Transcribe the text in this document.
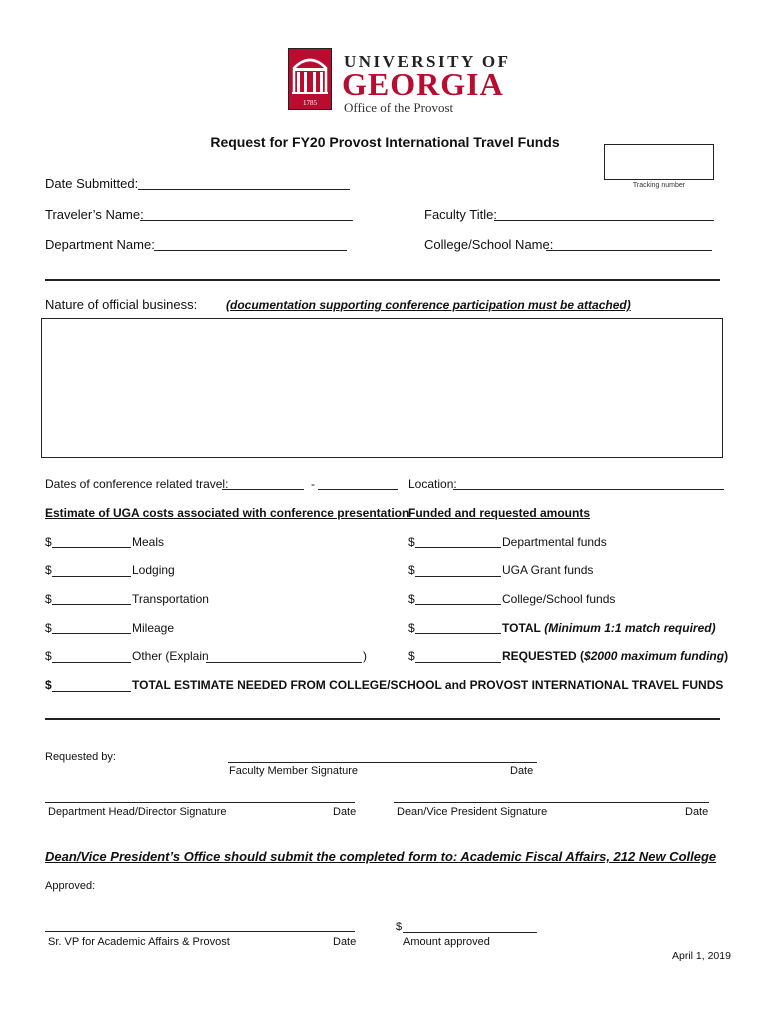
1785
UNIVERSITY OF
GEORGIA
Office of the Provost
Request for FY20 Provost International Travel Funds
Tracking number
Date Submitted:
Traveler’s Name:	Faculty Title:
Department Name:	College/School Name:
Nature of official business: (documentation supporting conference participation must be attached)
Dates of conference related travel:	-	Location:
Estimate of UGA costs associated with conference presentation
Funded and requested amounts
$	Meals
$	Lodging
$	Transportation
$	Mileage
$	Other (Explain	)
$	Departmental funds
$	UGA Grant funds
$	College/School funds
$	TOTAL (Minimum 1:1 match required)
$	REQUESTED ($2000 maximum funding)
$	TOTAL ESTIMATE NEEDED FROM COLLEGE/SCHOOL and PROVOST INTERNATIONAL TRAVEL FUNDS
Requested by:
Faculty Member Signature	Date
Department Head/Director Signature	Date	Dean/Vice President Signature	Date
Dean/Vice President’s Office should submit the completed form to: Academic Fiscal Affairs, 212 New College
Approved:
Sr. VP for Academic Affairs & Provost	Date
$
Amount approved
April 1, 2019
